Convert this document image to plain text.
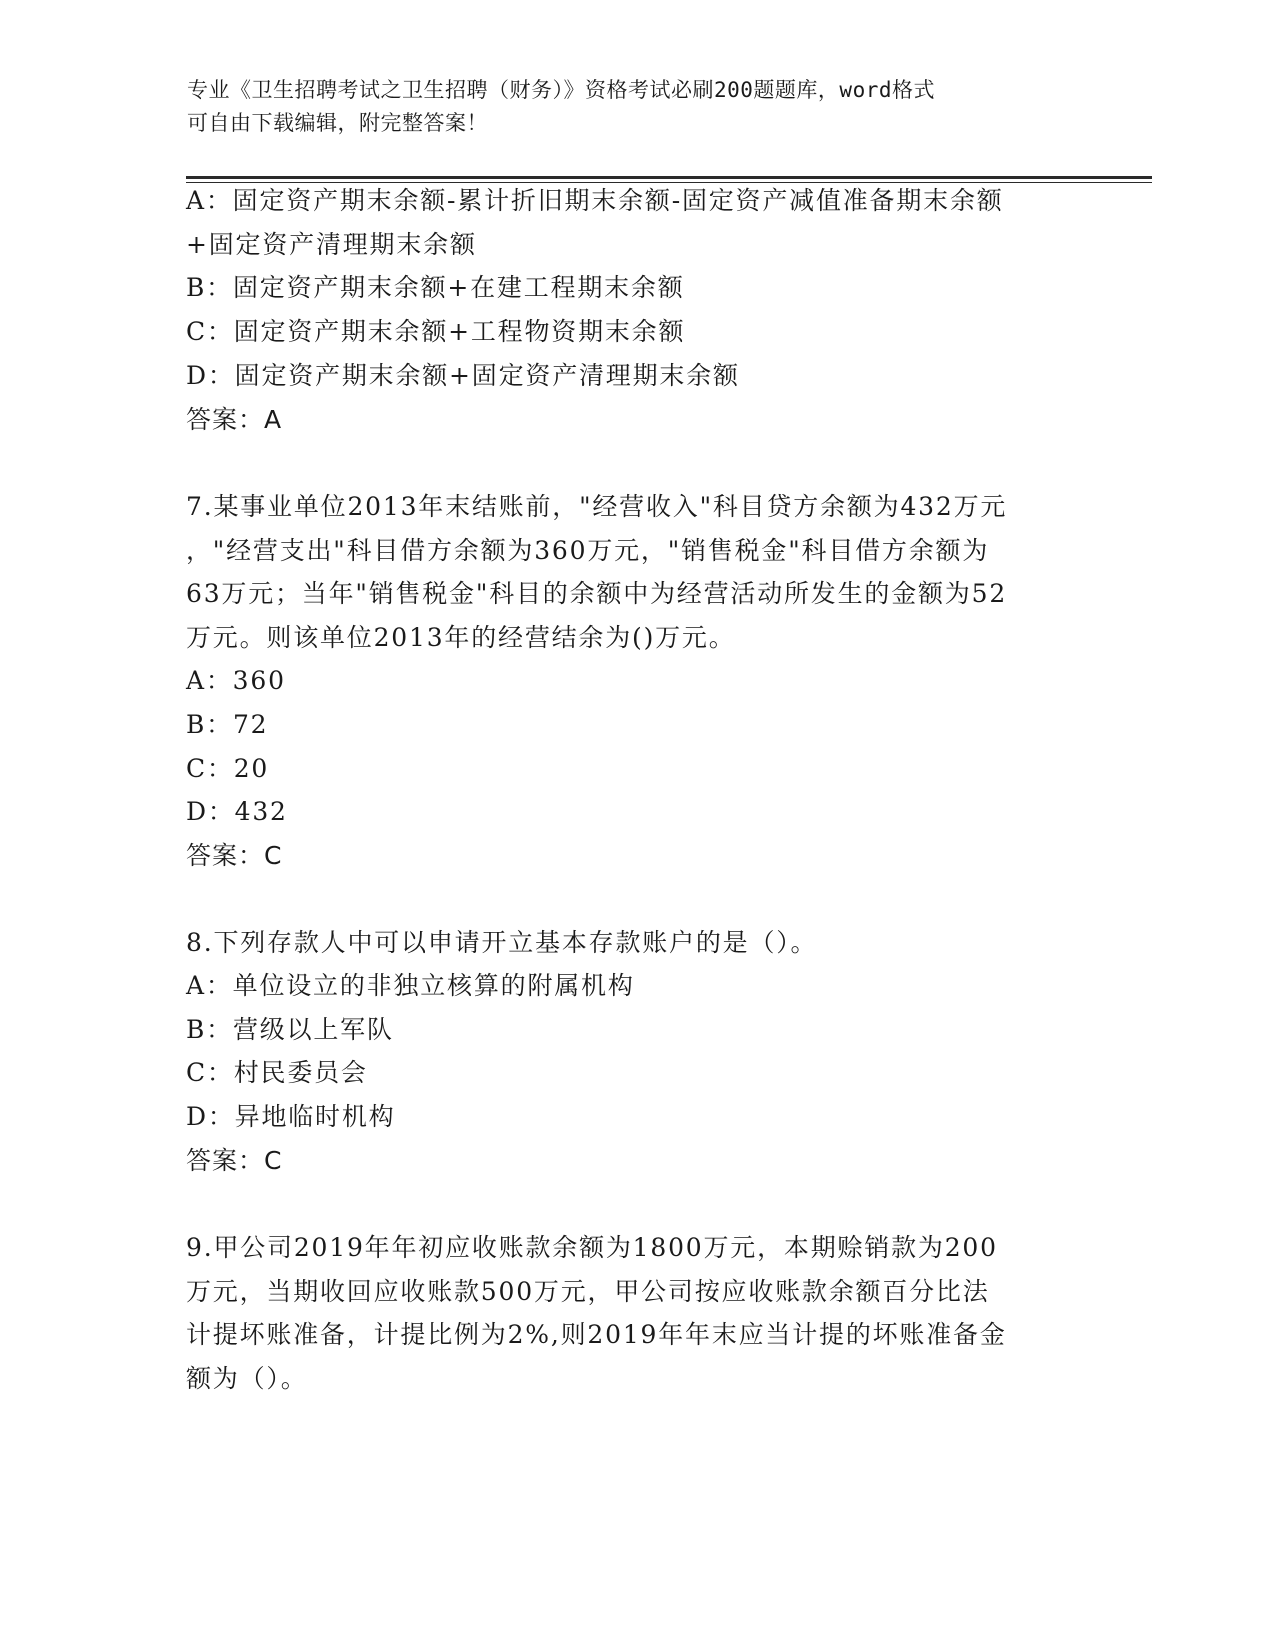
专业《卫生招聘考试之卫生招聘（财务）》资格考试必刷200题题库，word格式
可自由下载编辑，附完整答案！
A：固定资产期末余额-累计折旧期末余额-固定资产减值准备期末余额
+固定资产清理期末余额
B：固定资产期末余额+在建工程期末余额
C：固定资产期末余额+工程物资期末余额
D：固定资产期末余额+固定资产清理期末余额
答案：A
7.某事业单位2013年末结账前，"经营收入"科目贷方余额为432万元
，"经营支出"科目借方余额为360万元，"销售税金"科目借方余额为
63万元；当年"销售税金"科目的余额中为经营活动所发生的金额为52
万元。则该单位2013年的经营结余为()万元。
A：360
B：72
C：20
D：432
答案：C
8.下列存款人中可以申请开立基本存款账户的是（）。
A：单位设立的非独立核算的附属机构
B：营级以上军队
C：村民委员会
D：异地临时机构
答案：C
9.甲公司2019年年初应收账款余额为1800万元，本期赊销款为200
万元，当期收回应收账款500万元，甲公司按应收账款余额百分比法
计提坏账准备，计提比例为2%,则2019年年末应当计提的坏账准备金
额为（）。
